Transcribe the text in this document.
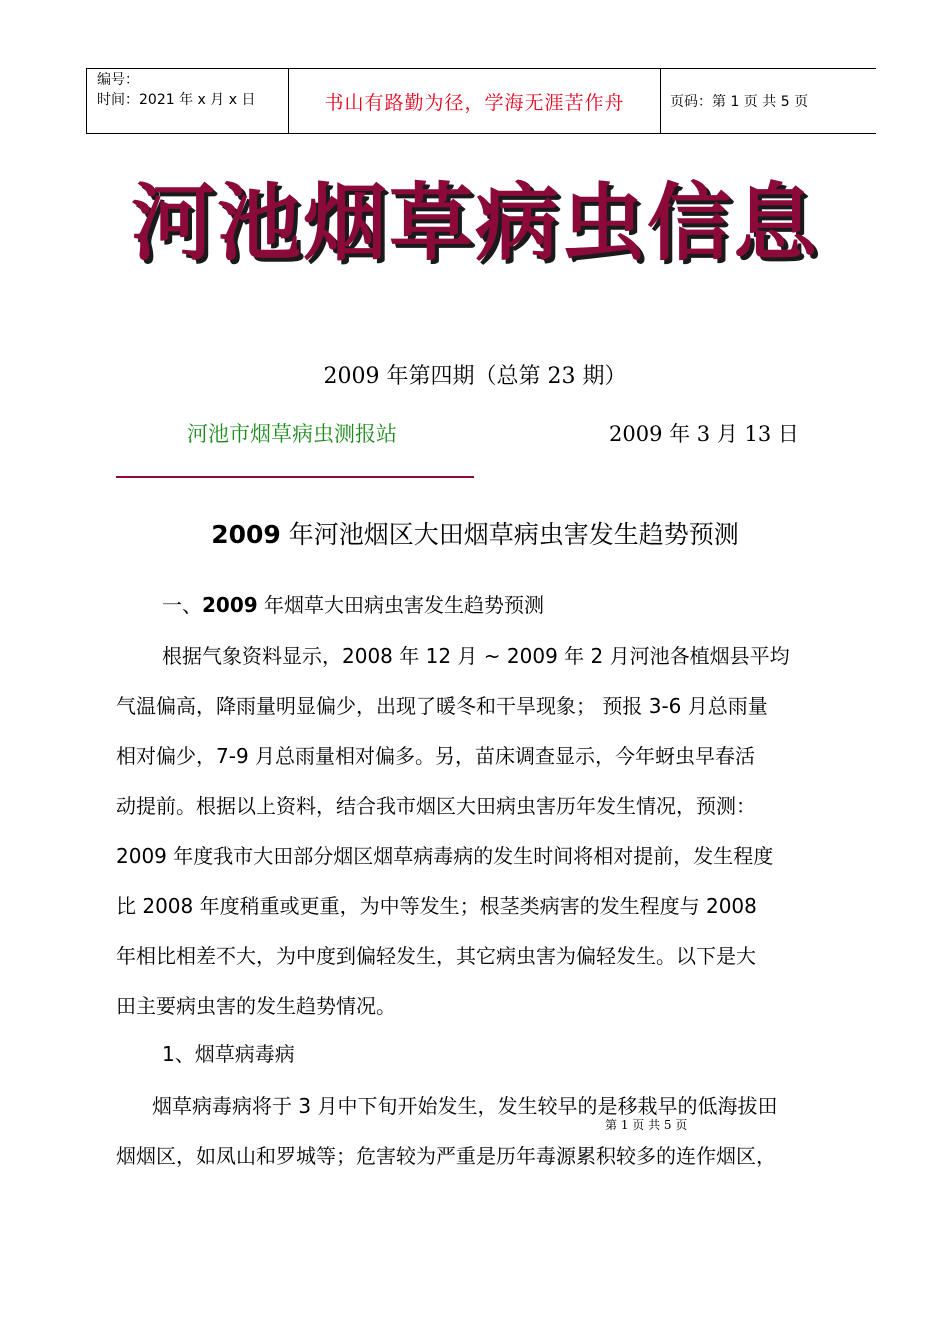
编号：
时间：2021 年 x 月 x 日	书山有路勤为径，学海无涯苦作舟	页码：第 1 页 共 5 页
河池烟草病虫信息
2009 年第四期（总第 23 期）
河池市烟草病虫测报站	2009 年 3 月 13 日
2009 年河池烟区大田烟草病虫害发生趋势预测
一、2009 年烟草大田病虫害发生趋势预测
根据气象资料显示，2008 年 12 月 ~ 2009 年 2 月河池各植烟县平均
气温偏高，降雨量明显偏少，出现了暖冬和干旱现象； 预报 3-6 月总雨量
相对偏少，7-9 月总雨量相对偏多。另，苗床调查显示，今年蚜虫早春活
动提前。根据以上资料，结合我市烟区大田病虫害历年发生情况，预测：
2009 年度我市大田部分烟区烟草病毒病的发生时间将相对提前，发生程度
比 2008 年度稍重或更重，为中等发生；根茎类病害的发生程度与 2008
年相比相差不大，为中度到偏轻发生，其它病虫害为偏轻发生。以下是大
田主要病虫害的发生趋势情况。
1、烟草病毒病
烟草病毒病将于 3 月中下旬开始发生，发生较早的是移栽早的低海拔田
烟烟区，如凤山和罗城等；危害较为严重是历年毒源累积较多的连作烟区，
第 1 页 共 5 页
